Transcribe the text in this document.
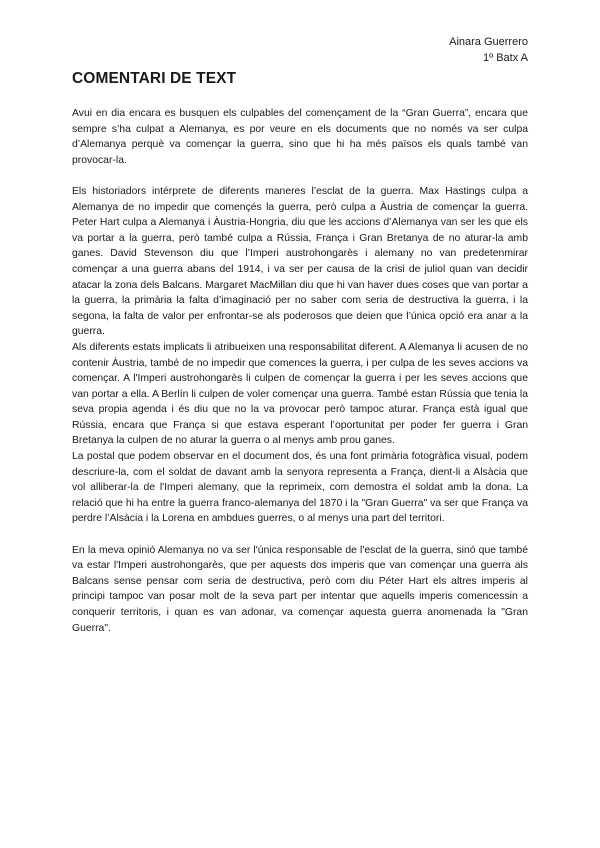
Ainara Guerrero
1º Batx A
COMENTARI DE TEXT

Avui en dia encara es busquen els culpables del començament de la “Gran Guerra”, encara que sempre s’ha culpat a Alemanya, es por veure en els documents que no només va ser culpa d’Alemanya perquè va començar la guerra, sino que hi ha més països els quals també van provocar-la.

Els historiadors intérprete de diferents maneres l’esclat de la guerra. Max Hastings culpa a Alemanya de no impedir que començés la guerra, però culpa a Àustria de començar la guerra. Peter Hart culpa a Alemanya i Àustria-Hongria, diu que les accions d’Alemanya van ser les que els va portar a la guerra, però també culpa a Rússia, França i Gran Bretanya de no aturar-la amb ganes. David Stevenson diu que l’Imperi austrohongarès i alemany no van predetenmirar començar a una guerra abans del 1914, i va ser per causa de la crisi de juliol quan van decidir atacar la zona dels Balcans. Margaret MacMillan diu que hi van haver dues coses que van portar a la guerra, la primària la falta d’imaginació per no saber com seria de destructiva la guerra, i la segona, la falta de valor per enfrontar-se als poderosos que deien que l’única opció era anar a la guerra.

Als diferents estats implicats li atribueixen una responsabilitat diferent. A Alemanya li acusen de no contenir Àustria, també de no impedir que comences la guerra, i per culpa de les seves accions va començar. A l'Imperi austrohongarès li culpen de començar la guerra i per les seves accions que van portar a ella. A Berlín li culpen de voler començar una guerra. També estan Rússia que tenia la seva propia agenda i és diu que no la va provocar però tampoc aturar. França està igual que Rússia, encara que França si que estava esperant l’oportunitat per poder fer guerra i Gran Bretanya la culpen de no aturar la guerra o al menys amb prou ganes.

La postal que podem observar en el document dos, és una font primària fotogràfica visual, podem descriure-la, com el soldat de davant amb la senyora representa a França, dient-li a Alsàcia que vol alliberar-la de l'Imperi alemany, que la reprimeix, com demostra el soldat amb la dona. La relació que hi ha entre la guerra franco-alemanya del 1870 i la "Gran Guerra" va ser que França va perdre l’Alsàcia i la Lorena en ambdues guerres, o al menys una part del territori.

En la meva opinió Alemanya no va ser l'única responsable de l'esclat de la guerra, sinó que també va estar l'Imperi austrohongarès, que per aquests dos imperis que van començar una guerra als Balcans sense pensar com seria de destructiva, però com diu Péter Hart els altres imperis al principi tampoc van posar molt de la seva part per intentar que aquells imperis comencessin a conquerir territoris, i quan es van adonar, va començar aquesta guerra anomenada la "Gran Guerra".
